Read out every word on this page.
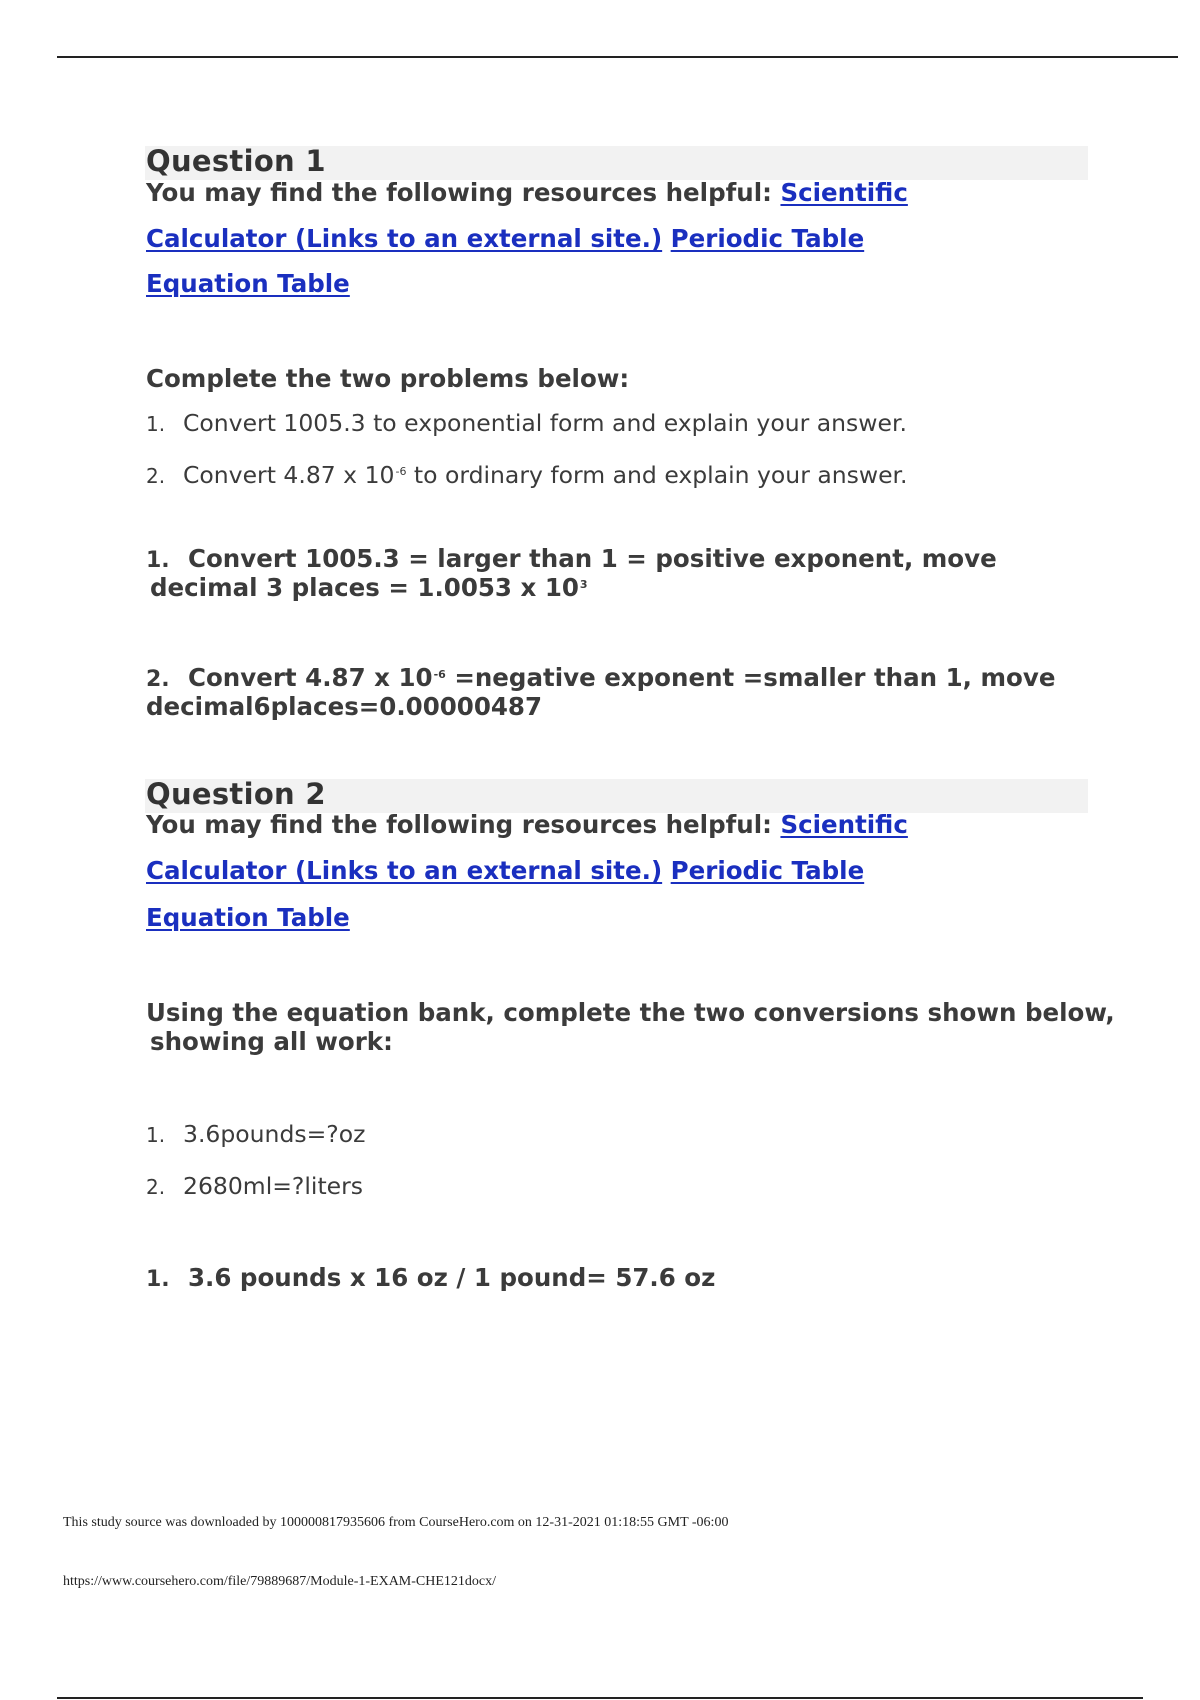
Question 1
You may find the following resources helpful: Scientific
Calculator (Links to an external site.) Periodic Table
Equation Table
Complete the two problems below:
1. Convert 1005.3 to exponential form and explain your answer.
2. Convert 4.87 x $10^{-6}$ to ordinary form and explain your answer.
1. Convert 1005.3 = larger than 1 = positive exponent, move
decimal 3 places = 1.0053 x $10^3$
2. Convert 4.87 x $10^{-6}$ =negative exponent =smaller than 1, move
decimal6places=0.00000487
Question 2
You may find the following resources helpful: Scientific
Calculator (Links to an external site.) Periodic Table
Equation Table
Using the equation bank, complete the two conversions shown below,
showing all work:
1. 3.6pounds=?oz
2. 2680ml=?liters
1. 3.6 pounds x 16 oz / 1 pound= 57.6 oz
This study source was downloaded by 100000817935606 from CourseHero.com on 12-31-2021 01:18:55 GMT -06:00
https://www.coursehero.com/file/79889687/Module-1-EXAM-CHE121docx/
